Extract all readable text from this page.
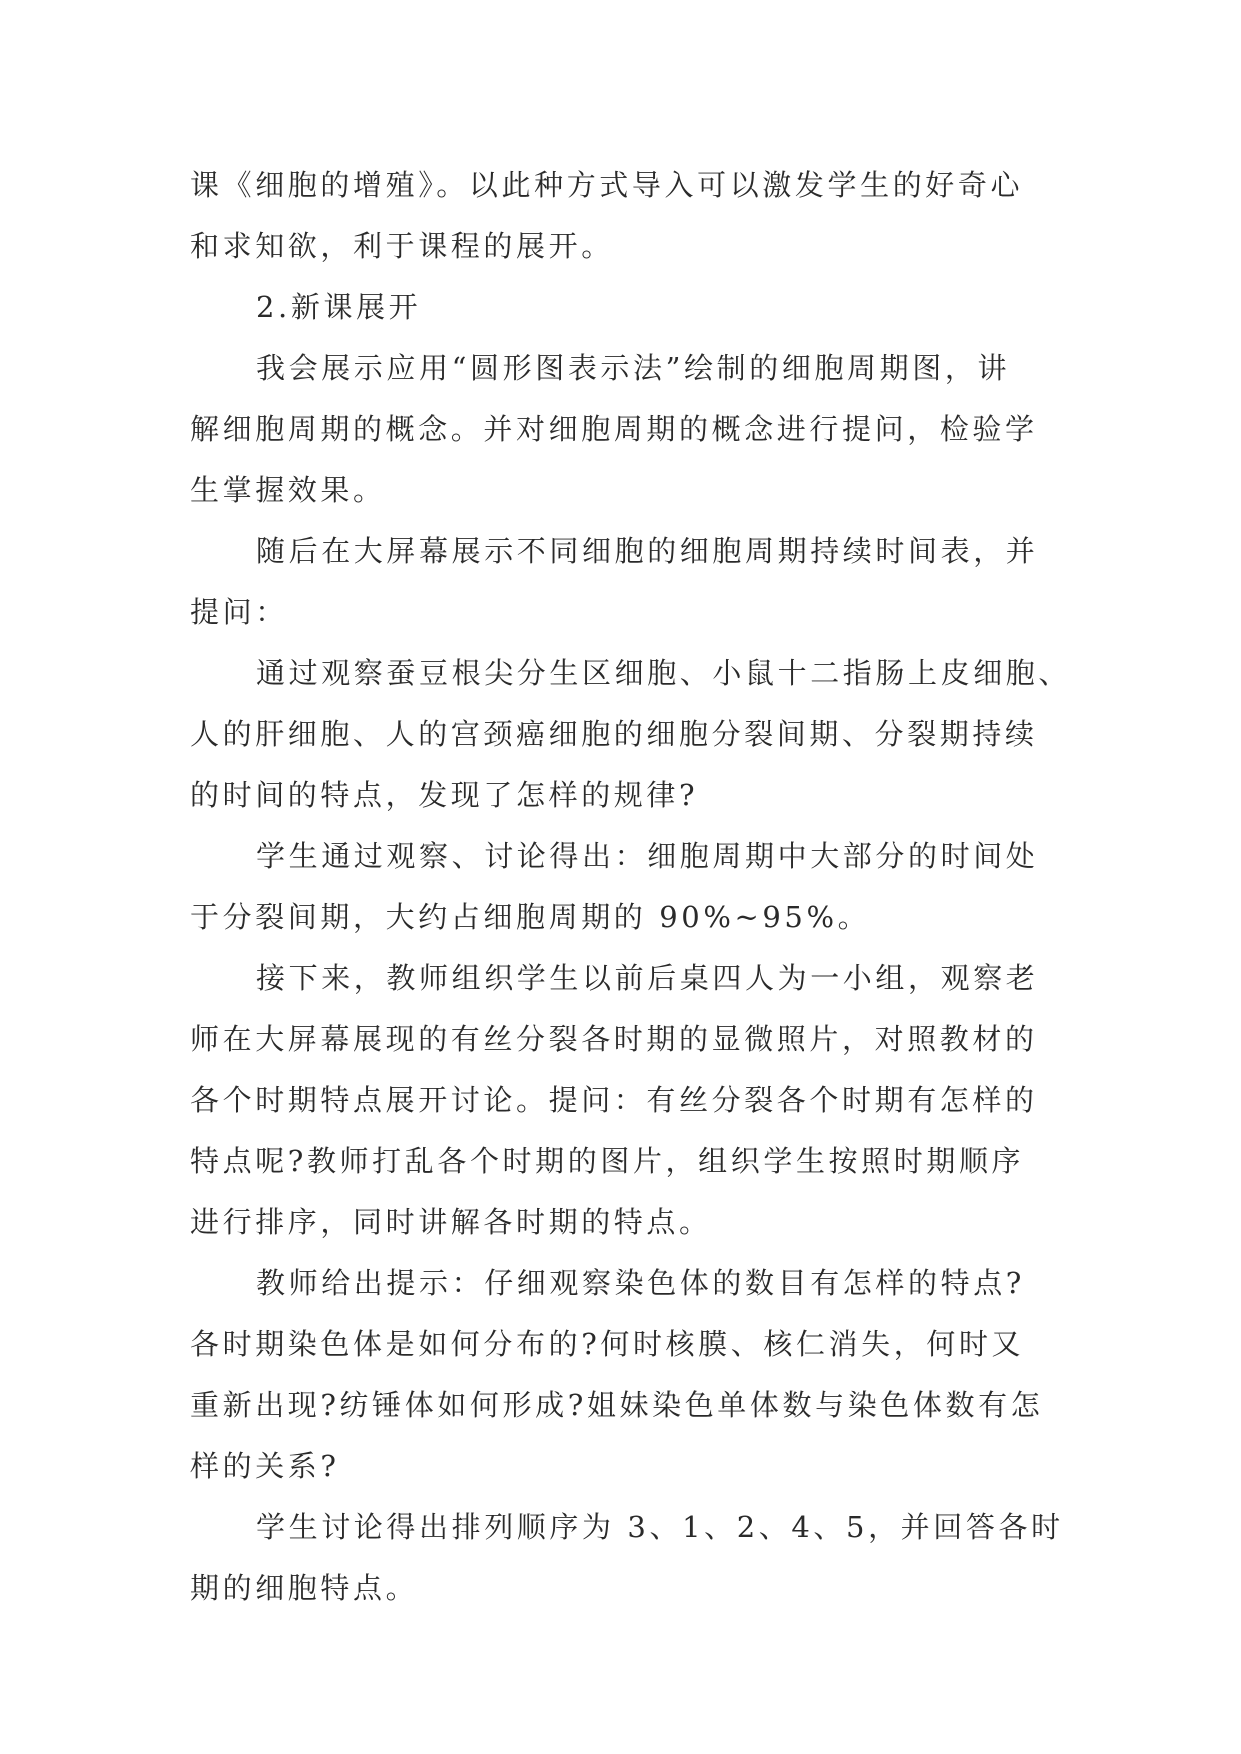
课《细胞的增殖》。以此种方式导入可以激发学生的好奇心
和求知欲，利于课程的展开。
2.新课展开
我会展示应用“圆形图表示法”绘制的细胞周期图，讲
解细胞周期的概念。并对细胞周期的概念进行提问，检验学
生掌握效果。
随后在大屏幕展示不同细胞的细胞周期持续时间表，并
提问：
通过观察蚕豆根尖分生区细胞、小鼠十二指肠上皮细胞、
人的肝细胞、人的宫颈癌细胞的细胞分裂间期、分裂期持续
的时间的特点，发现了怎样的规律?
学生通过观察、讨论得出：细胞周期中大部分的时间处
于分裂间期，大约占细胞周期的 90%~95%。
接下来，教师组织学生以前后桌四人为一小组，观察老
师在大屏幕展现的有丝分裂各时期的显微照片，对照教材的
各个时期特点展开讨论。提问：有丝分裂各个时期有怎样的
特点呢?教师打乱各个时期的图片，组织学生按照时期顺序
进行排序，同时讲解各时期的特点。
教师给出提示：仔细观察染色体的数目有怎样的特点?
各时期染色体是如何分布的?何时核膜、核仁消失，何时又
重新出现?纺锤体如何形成?姐妹染色单体数与染色体数有怎
样的关系?
学生讨论得出排列顺序为 3、1、2、4、5，并回答各时
期的细胞特点。
